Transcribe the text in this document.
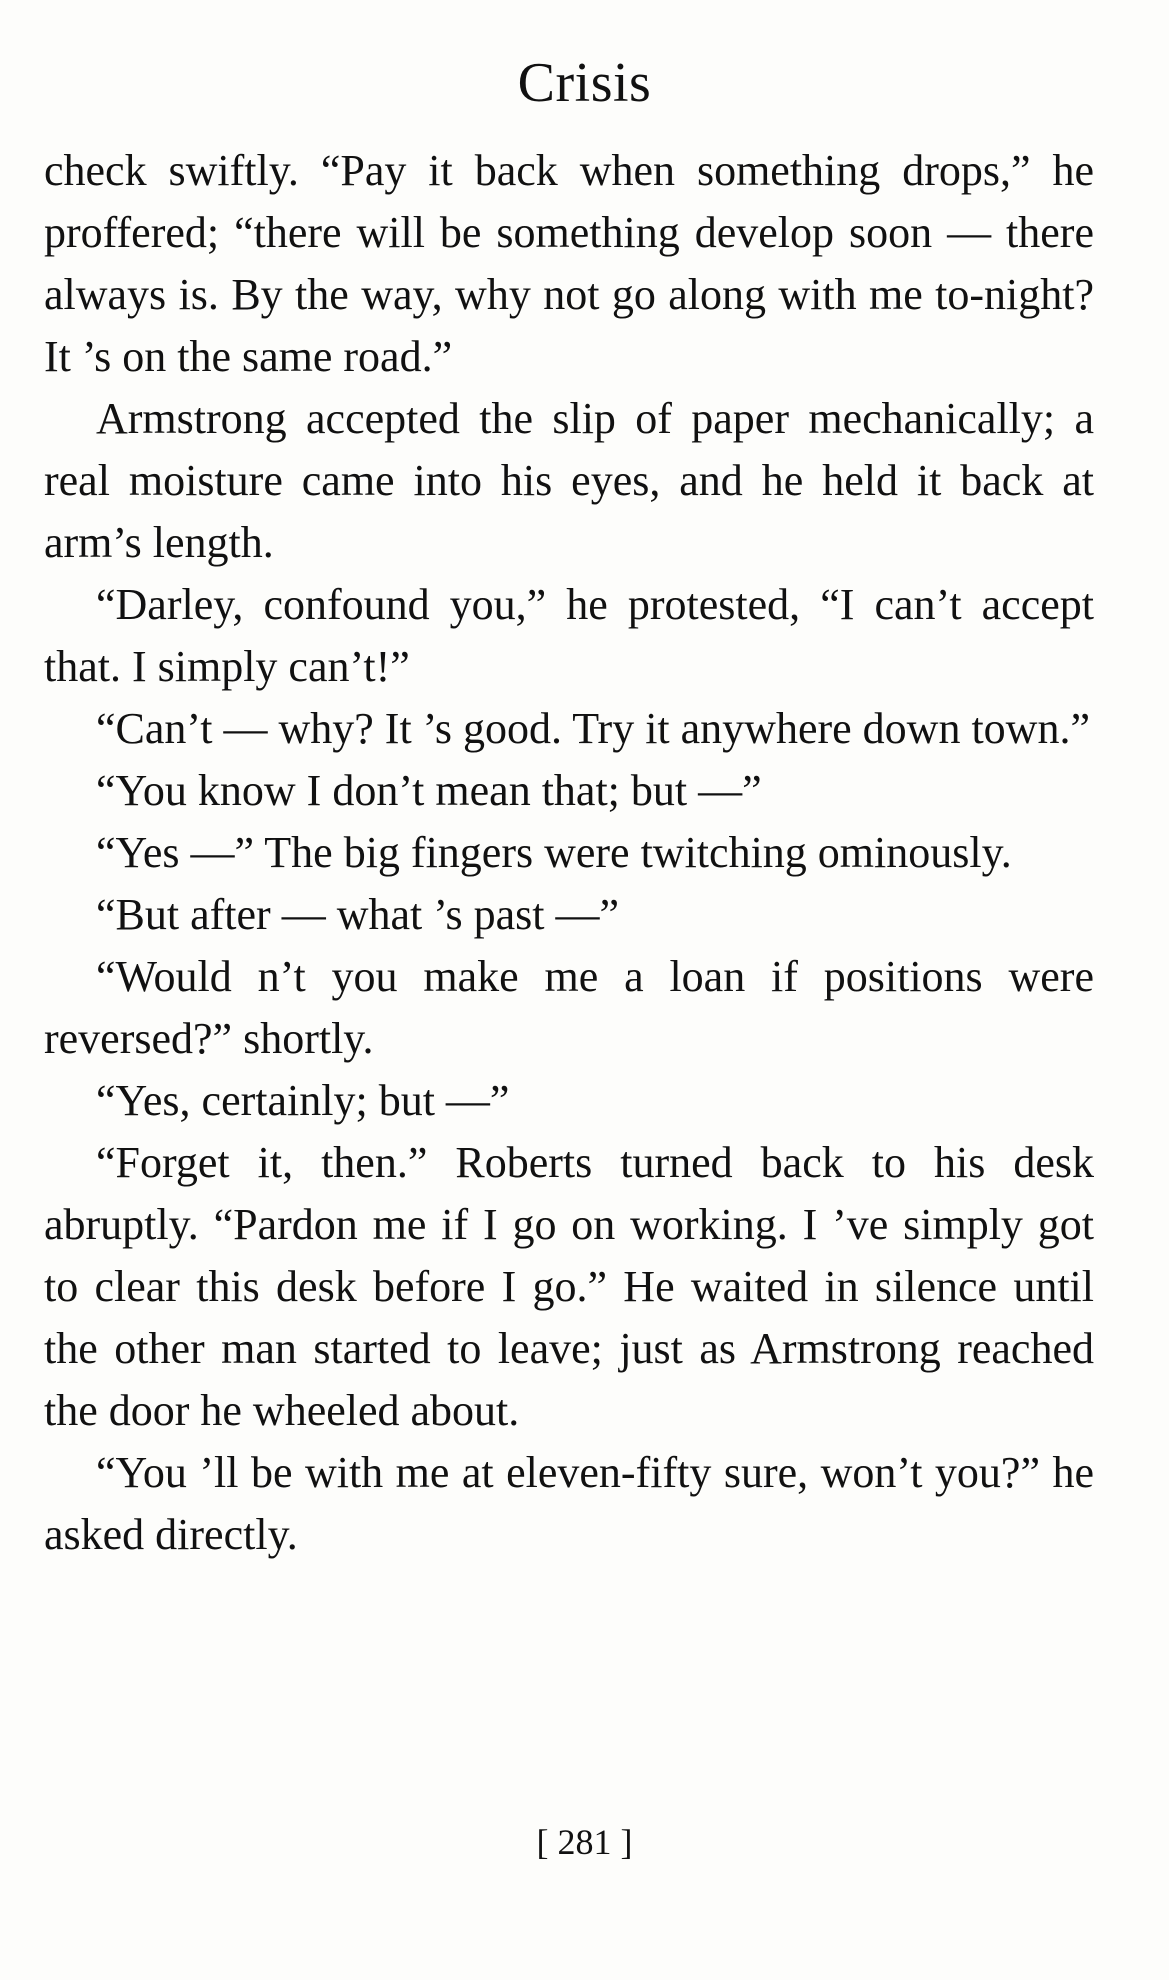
Crisis

check swiftly. “Pay it back when something drops,” he proffered; “there will be something develop soon — there always is. By the way, why not go along with me to-night? It ’s on the same road.”

Armstrong accepted the slip of paper mechanically; a real moisture came into his eyes, and he held it back at arm’s length.

“Darley, confound you,” he protested, “I can’t accept that. I simply can’t!”

“Can’t — why? It ’s good. Try it anywhere down town.”

“You know I don’t mean that; but —”

“Yes —” The big fingers were twitching ominously.

“But after — what ’s past —”

“Would n’t you make me a loan if positions were reversed?” shortly.

“Yes, certainly; but —”

“Forget it, then.” Roberts turned back to his desk abruptly. “Pardon me if I go on working. I ’ve simply got to clear this desk before I go.” He waited in silence until the other man started to leave; just as Armstrong reached the door he wheeled about.

“You ’ll be with me at eleven-fifty sure, won’t you?” he asked directly.

[ 281 ]
